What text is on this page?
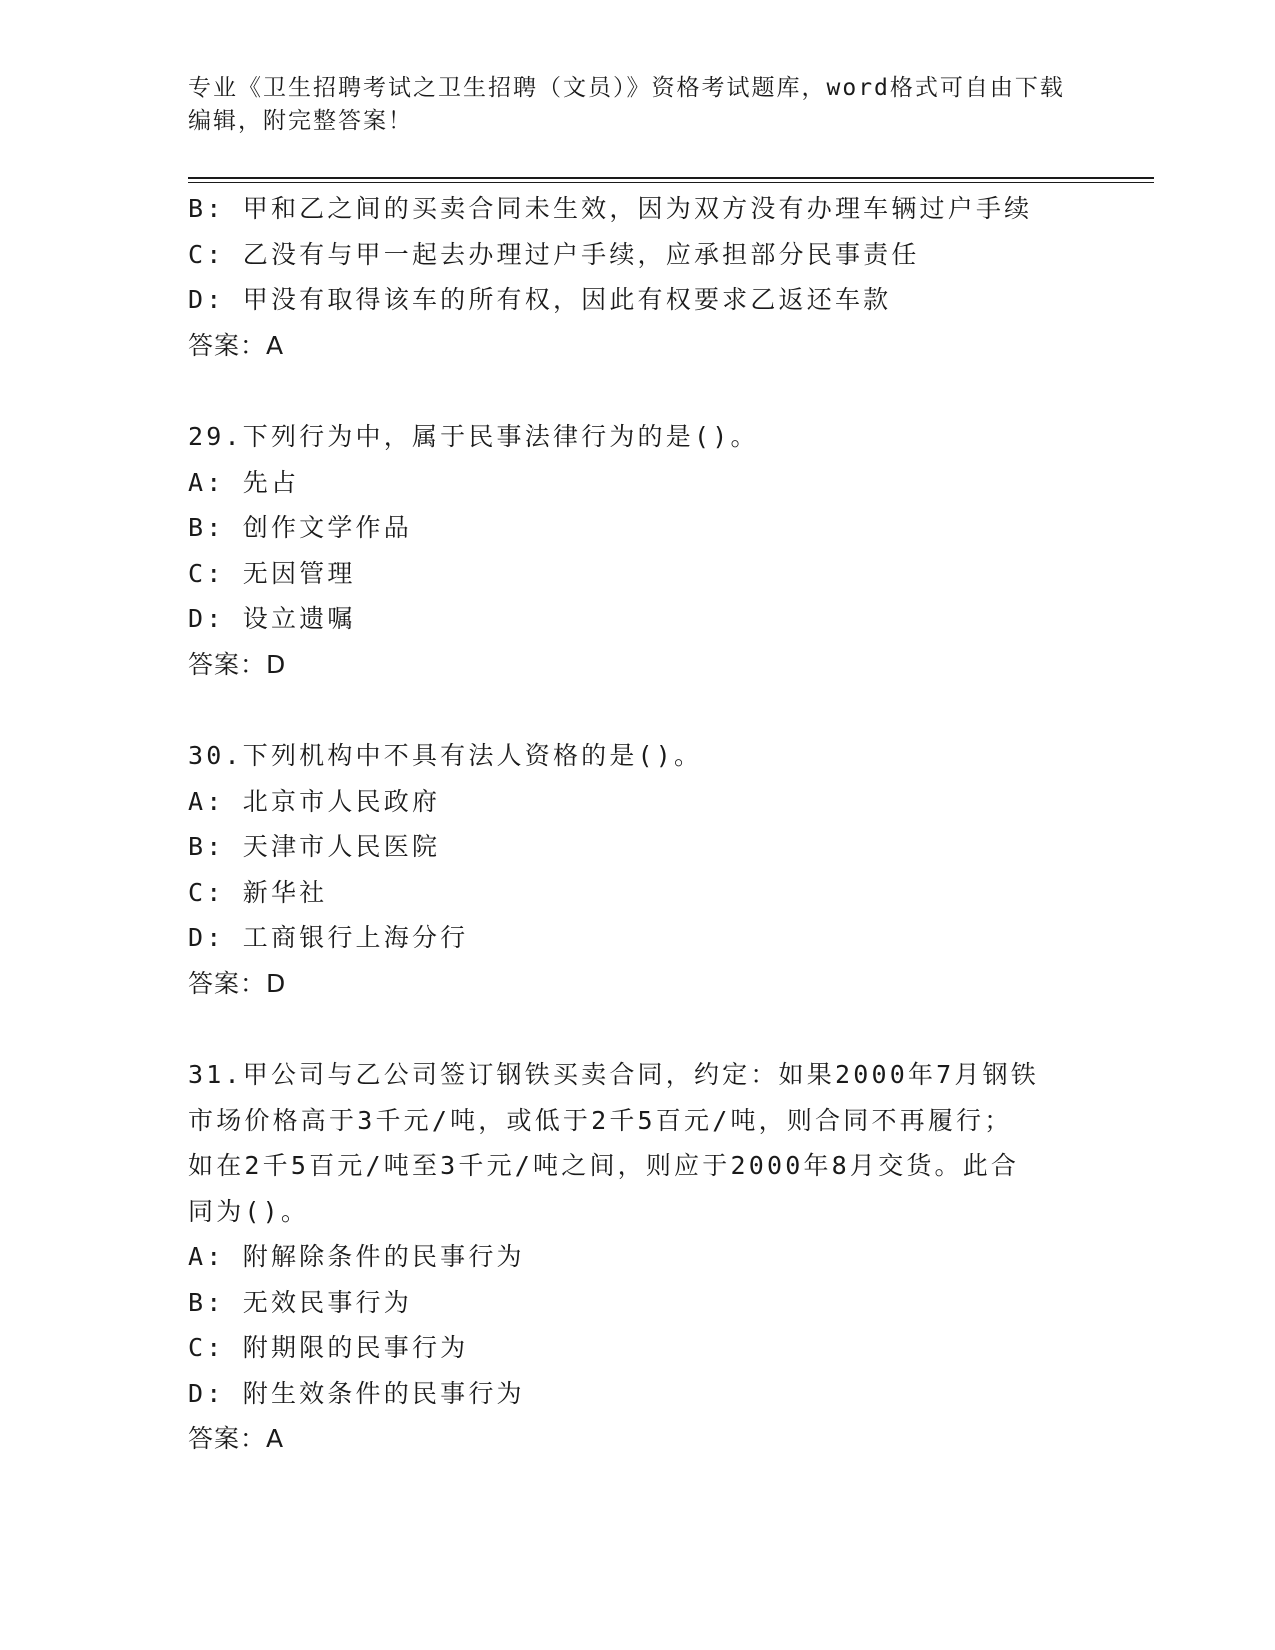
专业《卫生招聘考试之卫生招聘（文员）》资格考试题库，word格式可自由下载
编辑，附完整答案！
B: 甲和乙之间的买卖合同未生效，因为双方没有办理车辆过户手续
C: 乙没有与甲一起去办理过户手续，应承担部分民事责任
D: 甲没有取得该车的所有权，因此有权要求乙返还车款
答案：A
29.下列行为中，属于民事法律行为的是()。
A: 先占
B: 创作文学作品
C: 无因管理
D: 设立遗嘱
答案：D
30.下列机构中不具有法人资格的是()。
A: 北京市人民政府
B: 天津市人民医院
C: 新华社
D: 工商银行上海分行
答案：D
31.甲公司与乙公司签订钢铁买卖合同，约定：如果2000年7月钢铁
市场价格高于3千元/吨，或低于2千5百元/吨，则合同不再履行；
如在2千5百元/吨至3千元/吨之间，则应于2000年8月交货。此合
同为()。
A: 附解除条件的民事行为
B: 无效民事行为
C: 附期限的民事行为
D: 附生效条件的民事行为
答案：A
